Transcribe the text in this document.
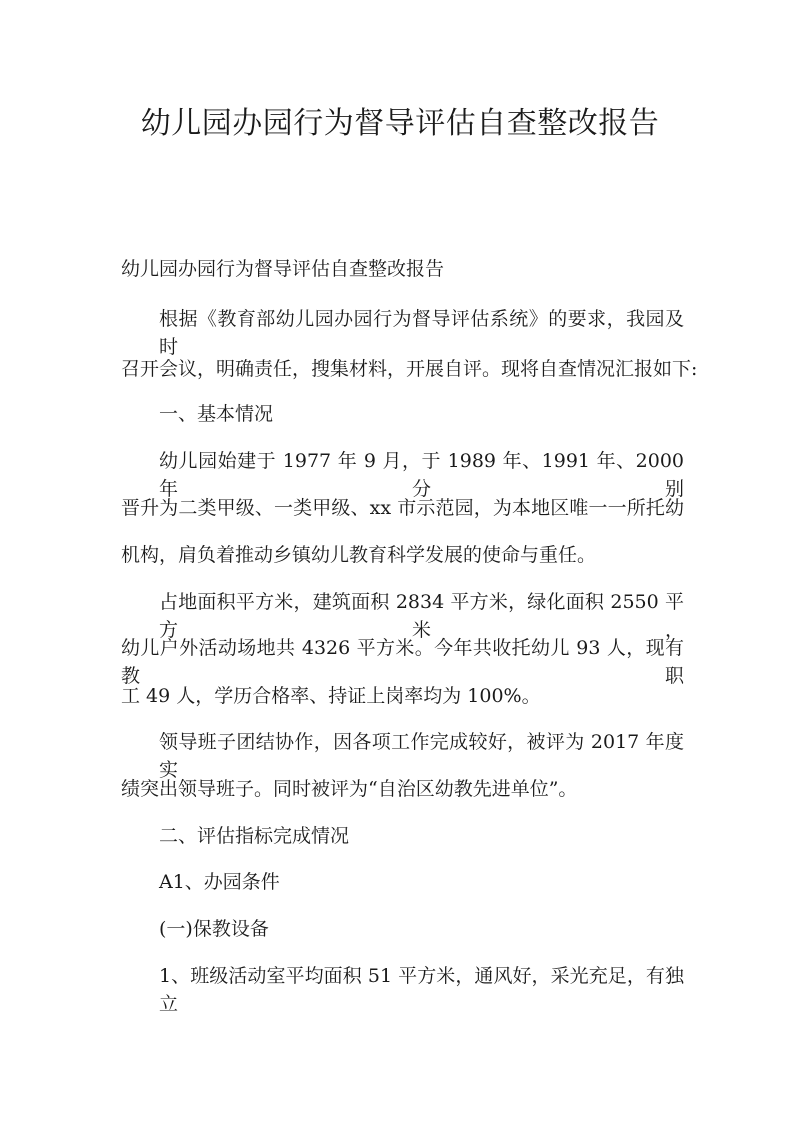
幼儿园办园行为督导评估自查整改报告

幼儿园办园行为督导评估自查整改报告

根据《教育部幼儿园办园行为督导评估系统》的要求，我园及时

召开会议，明确责任，搜集材料，开展自评。现将自查情况汇报如下:

一、基本情况

幼儿园始建于 1977 年 9 月，于 1989 年、1991 年、2000 年分别

晋升为二类甲级、一类甲级、xx 市示范园，为本地区唯一一所托幼

机构，肩负着推动乡镇幼儿教育科学发展的使命与重任。

占地面积平方米，建筑面积 2834 平方米，绿化面积 2550 平方米，

幼儿户外活动场地共 4326 平方米。今年共收托幼儿 93 人，现有教职

工 49 人，学历合格率、持证上岗率均为 100%。

领导班子团结协作，因各项工作完成较好，被评为 2017 年度实

绩突出领导班子。同时被评为“自治区幼教先进单位”。

二、评估指标完成情况

A1、办园条件

(一)保教设备

1、班级活动室平均面积 51 平方米，通风好，采光充足，有独立
